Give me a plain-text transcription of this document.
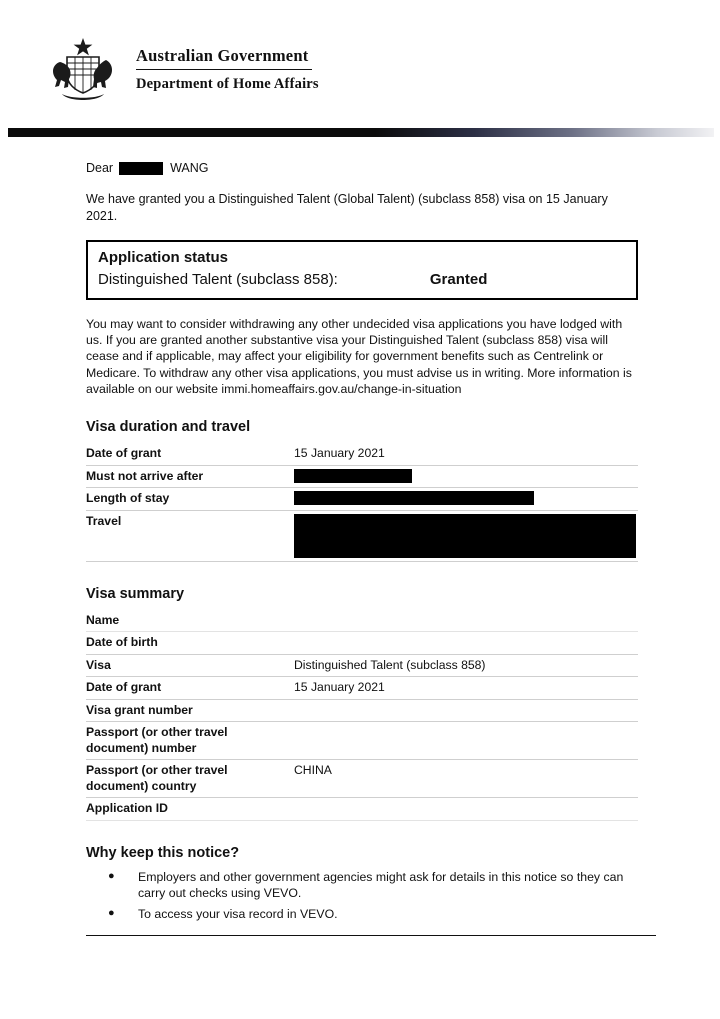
Australian Government
Department of Home Affairs
Dear	WANG
We have granted you a Distinguished Talent (Global Talent) (subclass 858) visa on 15 January 2021.
Application status
Distinguished Talent (subclass 858):	Granted
You may want to consider withdrawing any other undecided visa applications you have lodged with us. If you are granted another substantive visa your Distinguished Talent (subclass 858) visa will cease and if applicable, may affect your eligibility for government benefits such as Centrelink or Medicare. To withdraw any other visa applications, you must advise us in writing. More information is available on our website immi.homeaffairs.gov.au/change-in-situation
Visa duration and travel
Date of grant	15 January 2021
Must not arrive after	

Length of stay	

Travel	
Visa summary
Name	
Date of birth	
Visa	Distinguished Talent (subclass 858)
Date of grant	15 January 2021
Visa grant number	
Passport (or other travel document) number	
Passport (or other travel document) country	CHINA
Application ID	
Why keep this notice?
● Employers and other government agencies might ask for details in this notice so they can carry out checks using VEVO.
● To access your visa record in VEVO.
